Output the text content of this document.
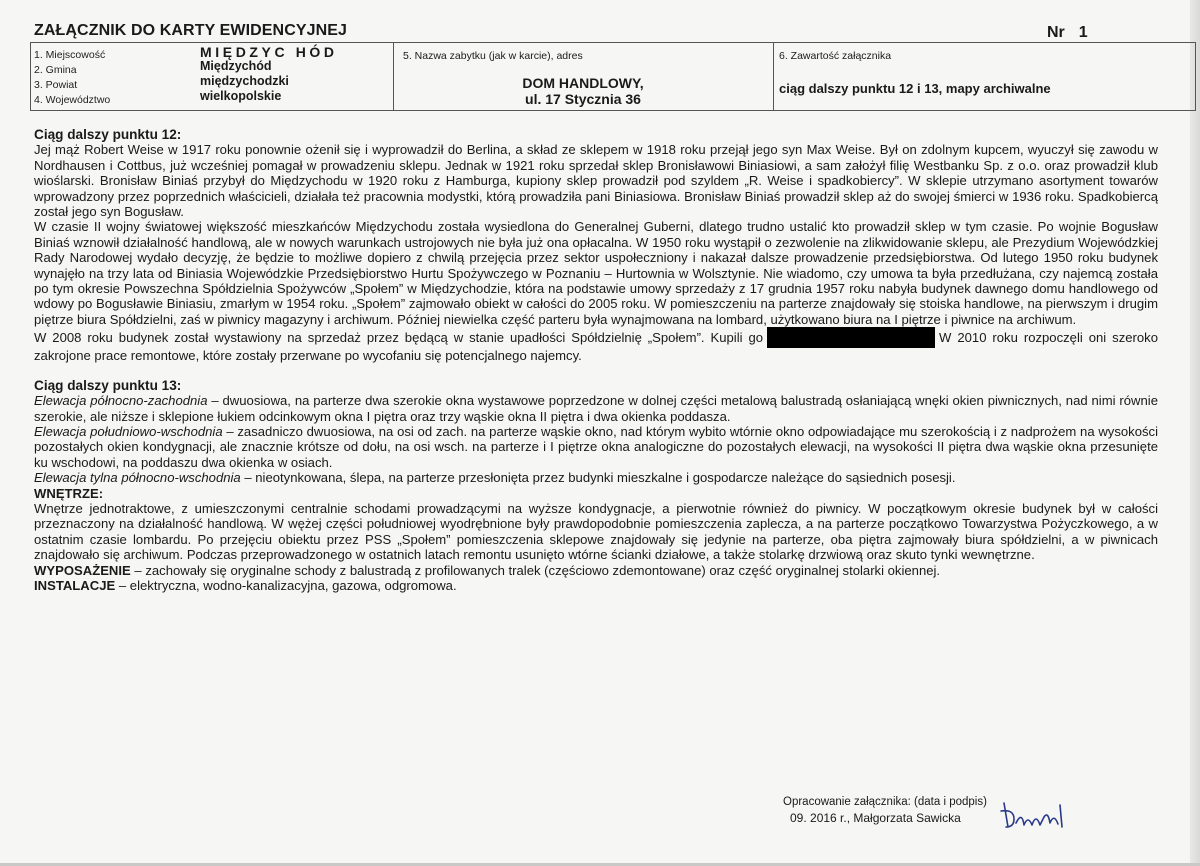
ZAŁĄCZNIK DO KARTY EWIDENCYJNEJ	Nr 1
1. Miejscowość
2. Gmina
3. Powiat
4. Województwo
MIĘDZYC HÓD
Międzychód
międzychodzki
wielkopolskie
5. Nazwa zabytku (jak w karcie), adres
DOM HANDLOWY,
ul. 17 Stycznia 36
6. Zawartość załącznika
ciąg dalszy punktu 12 i 13, mapy archiwalne

Ciąg dalszy punktu 12:

Jej mąż Robert Weise w 1917 roku ponownie ożenił się i wyprowadził do Berlina, a skład ze sklepem w 1918 roku przejął jego syn Max Weise. Był on zdolnym kupcem, wyuczył się zawodu w Nordhausen i Cottbus, już wcześniej pomagał w prowadzeniu sklepu. Jednak w 1921 roku sprzedał sklep Bronisławowi Biniasiowi, a sam założył filię Westbanku Sp. z o.o. oraz prowadził klub wioślarski. Bronisław Biniaś przybył do Międzychodu w 1920 roku z Hamburga, kupiony sklep prowadził pod szyldem „R. Weise i spadkobiercy”. W sklepie utrzymano asortyment towarów wprowadzony przez poprzednich właścicieli, działała też pracownia modystki, którą prowadziła pani Biniasiowa. Bronisław Biniaś prowadził sklep aż do swojej śmierci w 1936 roku. Spadkobiercą został jego syn Bogusław.

W czasie II wojny światowej większość mieszkańców Międzychodu została wysiedlona do Generalnej Guberni, dlatego trudno ustalić kto prowadził sklep w tym czasie. Po wojnie Bogusław Biniaś wznowił działalność handlową, ale w nowych warunkach ustrojowych nie była już ona opłacalna. W 1950 roku wystąpił o zezwolenie na zlikwidowanie sklepu, ale Prezydium Wojewódzkiej Rady Narodowej wydało decyzję, że będzie to możliwe dopiero z chwilą przejęcia przez sektor uspołeczniony i nakazał dalsze prowadzenie przedsiębiorstwa. Od lutego 1950 roku budynek wynajęło na trzy lata od Biniasia Wojewódzkie Przedsiębiorstwo Hurtu Spożywczego w Poznaniu – Hurtownia w Wolsztynie. Nie wiadomo, czy umowa ta była przedłużana, czy najemcą została po tym okresie Powszechna Spółdzielnia Spożywców „Społem” w Międzychodzie, która na podstawie umowy sprzedaży z 17 grudnia 1957 roku nabyła budynek dawnego domu handlowego od wdowy po Bogusławie Biniasiu, zmarłym w 1954 roku. „Społem” zajmowało obiekt w całości do 2005 roku. W pomieszczeniu na parterze znajdowały się stoiska handlowe, na pierwszym i drugim piętrze biura Spółdzielni, zaś w piwnicy magazyny i archiwum. Później niewielka część parteru była wynajmowana na lombard, użytkowano biura na I piętrze i piwnice na archiwum.

W 2008 roku budynek został wystawiony na sprzedaż przez będącą w stanie upadłości Spółdzielnię „Społem”. Kupili go	W 2010 roku rozpoczęli oni szeroko zakrojone prace remontowe, które zostały przerwane po wycofaniu się potencjalnego najemcy.

Ciąg dalszy punktu 13:

Elewacja północno-zachodnia – dwuosiowa, na parterze dwa szerokie okna wystawowe poprzedzone w dolnej części metalową balustradą osłaniającą wnęki okien piwnicznych, nad nimi równie szerokie, ale niższe i sklepione łukiem odcinkowym okna I piętra oraz trzy wąskie okna II piętra i dwa okienka poddasza.

Elewacja południowo-wschodnia – zasadniczo dwuosiowa, na osi od zach. na parterze wąskie okno, nad którym wybito wtórnie okno odpowiadające mu szerokością i z nadprożem na wysokości pozostałych okien kondygnacji, ale znacznie krótsze od dołu, na osi wsch. na parterze i I piętrze okna analogiczne do pozostałych elewacji, na wysokości II piętra dwa wąskie okna przesunięte ku wschodowi, na poddaszu dwa okienka w osiach.

Elewacja tylna północno-wschodnia – nieotynkowana, ślepa, na parterze przesłonięta przez budynki mieszkalne i gospodarcze należące do sąsiednich posesji.

WNĘTRZE:

Wnętrze jednotraktowe, z umieszczonymi centralnie schodami prowadzącymi na wyższe kondygnacje, a pierwotnie również do piwnicy. W początkowym okresie budynek był w całości przeznaczony na działalność handlową. W wężej części południowej wyodrębnione były prawdopodobnie pomieszczenia zaplecza, a na parterze początkowo Towarzystwa Pożyczkowego, a w ostatnim czasie lombardu. Po przejęciu obiektu przez PSS „Społem” pomieszczenia sklepowe znajdowały się jedynie na parterze, oba piętra zajmowały biura spółdzielni, a w piwnicach znajdowało się archiwum. Podczas przeprowadzonego w ostatnich latach remontu usunięto wtórne ścianki działowe, a także stolarkę drzwiową oraz skuto tynki wewnętrzne.

WYPOSAŻENIE – zachowały się oryginalne schody z balustradą z profilowanych tralek (częściowo zdemontowane) oraz część oryginalnej stolarki okiennej.

INSTALACJE – elektryczna, wodno-kanalizacyjna, gazowa, odgromowa.

Opracowanie załącznika: (data i podpis)
09. 2016 r., Małgorzata Sawicka
